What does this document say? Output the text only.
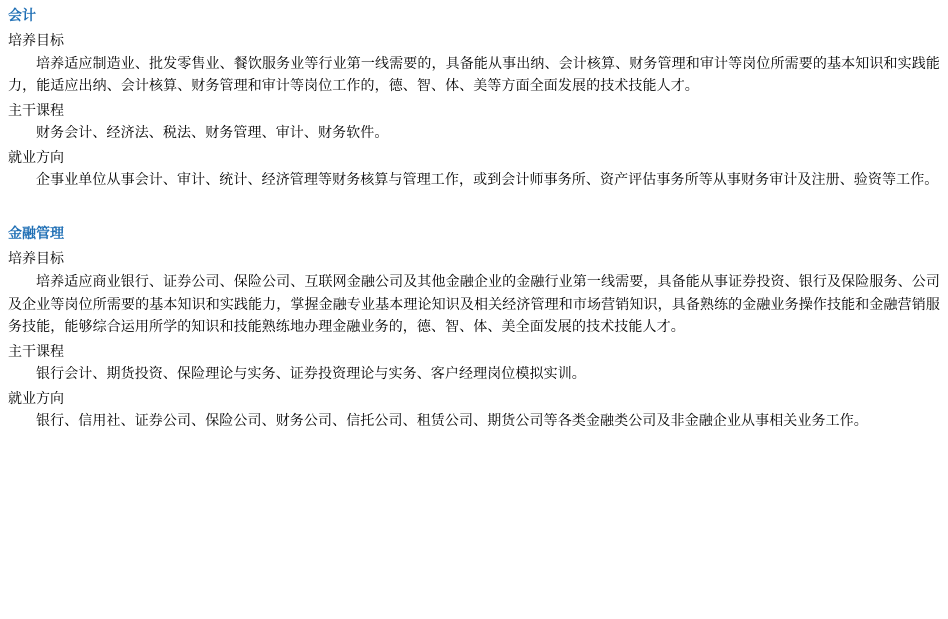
会计
培养目标

培养适应制造业、批发零售业、餐饮服务业等行业第一线需要的，具备能从事出纳、会计核算、财务管理和审计等岗位所需要的基本知识和实践能力，能适应出纳、会计核算、财务管理和审计等岗位工作的，德、智、体、美等方面全面发展的技术技能人才。

主干课程

财务会计、经济法、税法、财务管理、审计、财务软件。

就业方向

企事业单位从事会计、审计、统计、经济管理等财务核算与管理工作，或到会计师事务所、资产评估事务所等从事财务审计及注册、验资等工作。

金融管理
培养目标

培养适应商业银行、证券公司、保险公司、互联网金融公司及其他金融企业的金融行业第一线需要，具备能从事证券投资、银行及保险服务、公司及企业等岗位所需要的基本知识和实践能力，掌握金融专业基本理论知识及相关经济管理和市场营销知识，具备熟练的金融业务操作技能和金融营销服务技能，能够综合运用所学的知识和技能熟练地办理金融业务的，德、智、体、美全面发展的技术技能人才。

主干课程

银行会计、期货投资、保险理论与实务、证券投资理论与实务、客户经理岗位模拟实训。

就业方向

银行、信用社、证券公司、保险公司、财务公司、信托公司、租赁公司、期货公司等各类金融类公司及非金融企业从事相关业务工作。
